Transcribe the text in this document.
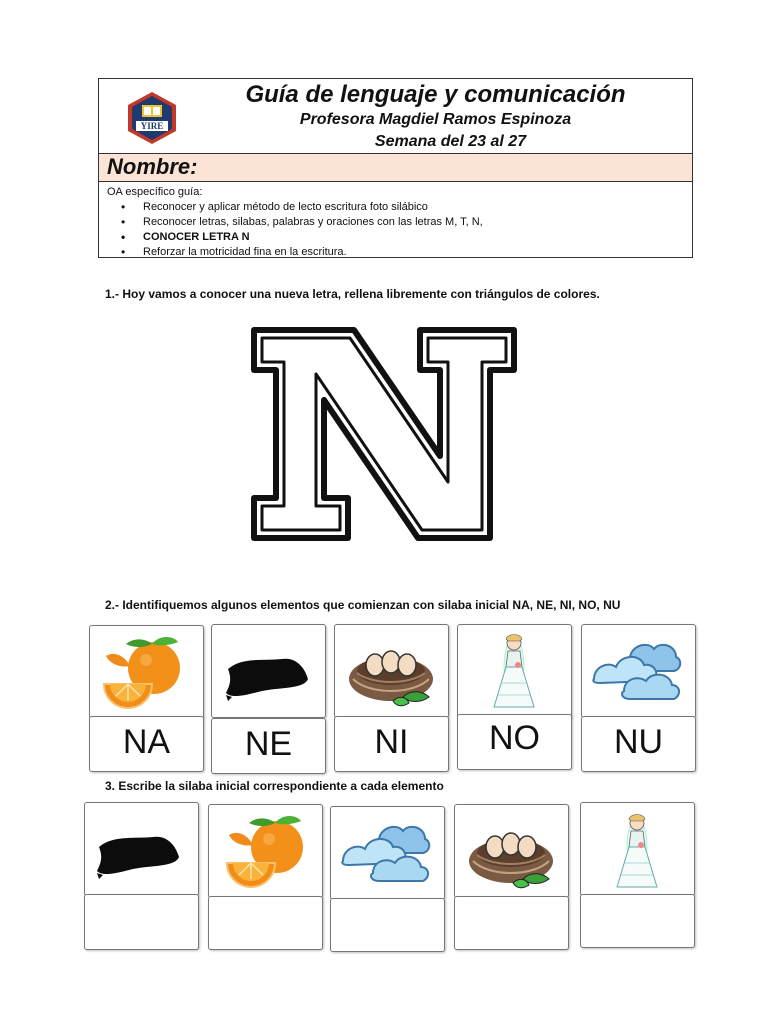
YIRE
Guía de lenguaje y comunicación
Profesora Magdiel Ramos Espinoza
Semana del 23 al 27
Nombre:
OA específico guía:
• Reconocer y aplicar método de lecto escritura foto silábico
• Reconocer letras, silabas, palabras y oraciones con las letras M, T, N,
• CONOCER LETRA N
• Reforzar la motricidad fina en la escritura.
1.- Hoy vamos a conocer una nueva letra, rellena libremente con triángulos de colores.
N
2.- Identifiquemos algunos elementos que comienzan con silaba inicial NA, NE, NI, NO, NU
NA	NE	NI	NO	NU
3. Escribe la silaba inicial correspondiente a cada elemento
